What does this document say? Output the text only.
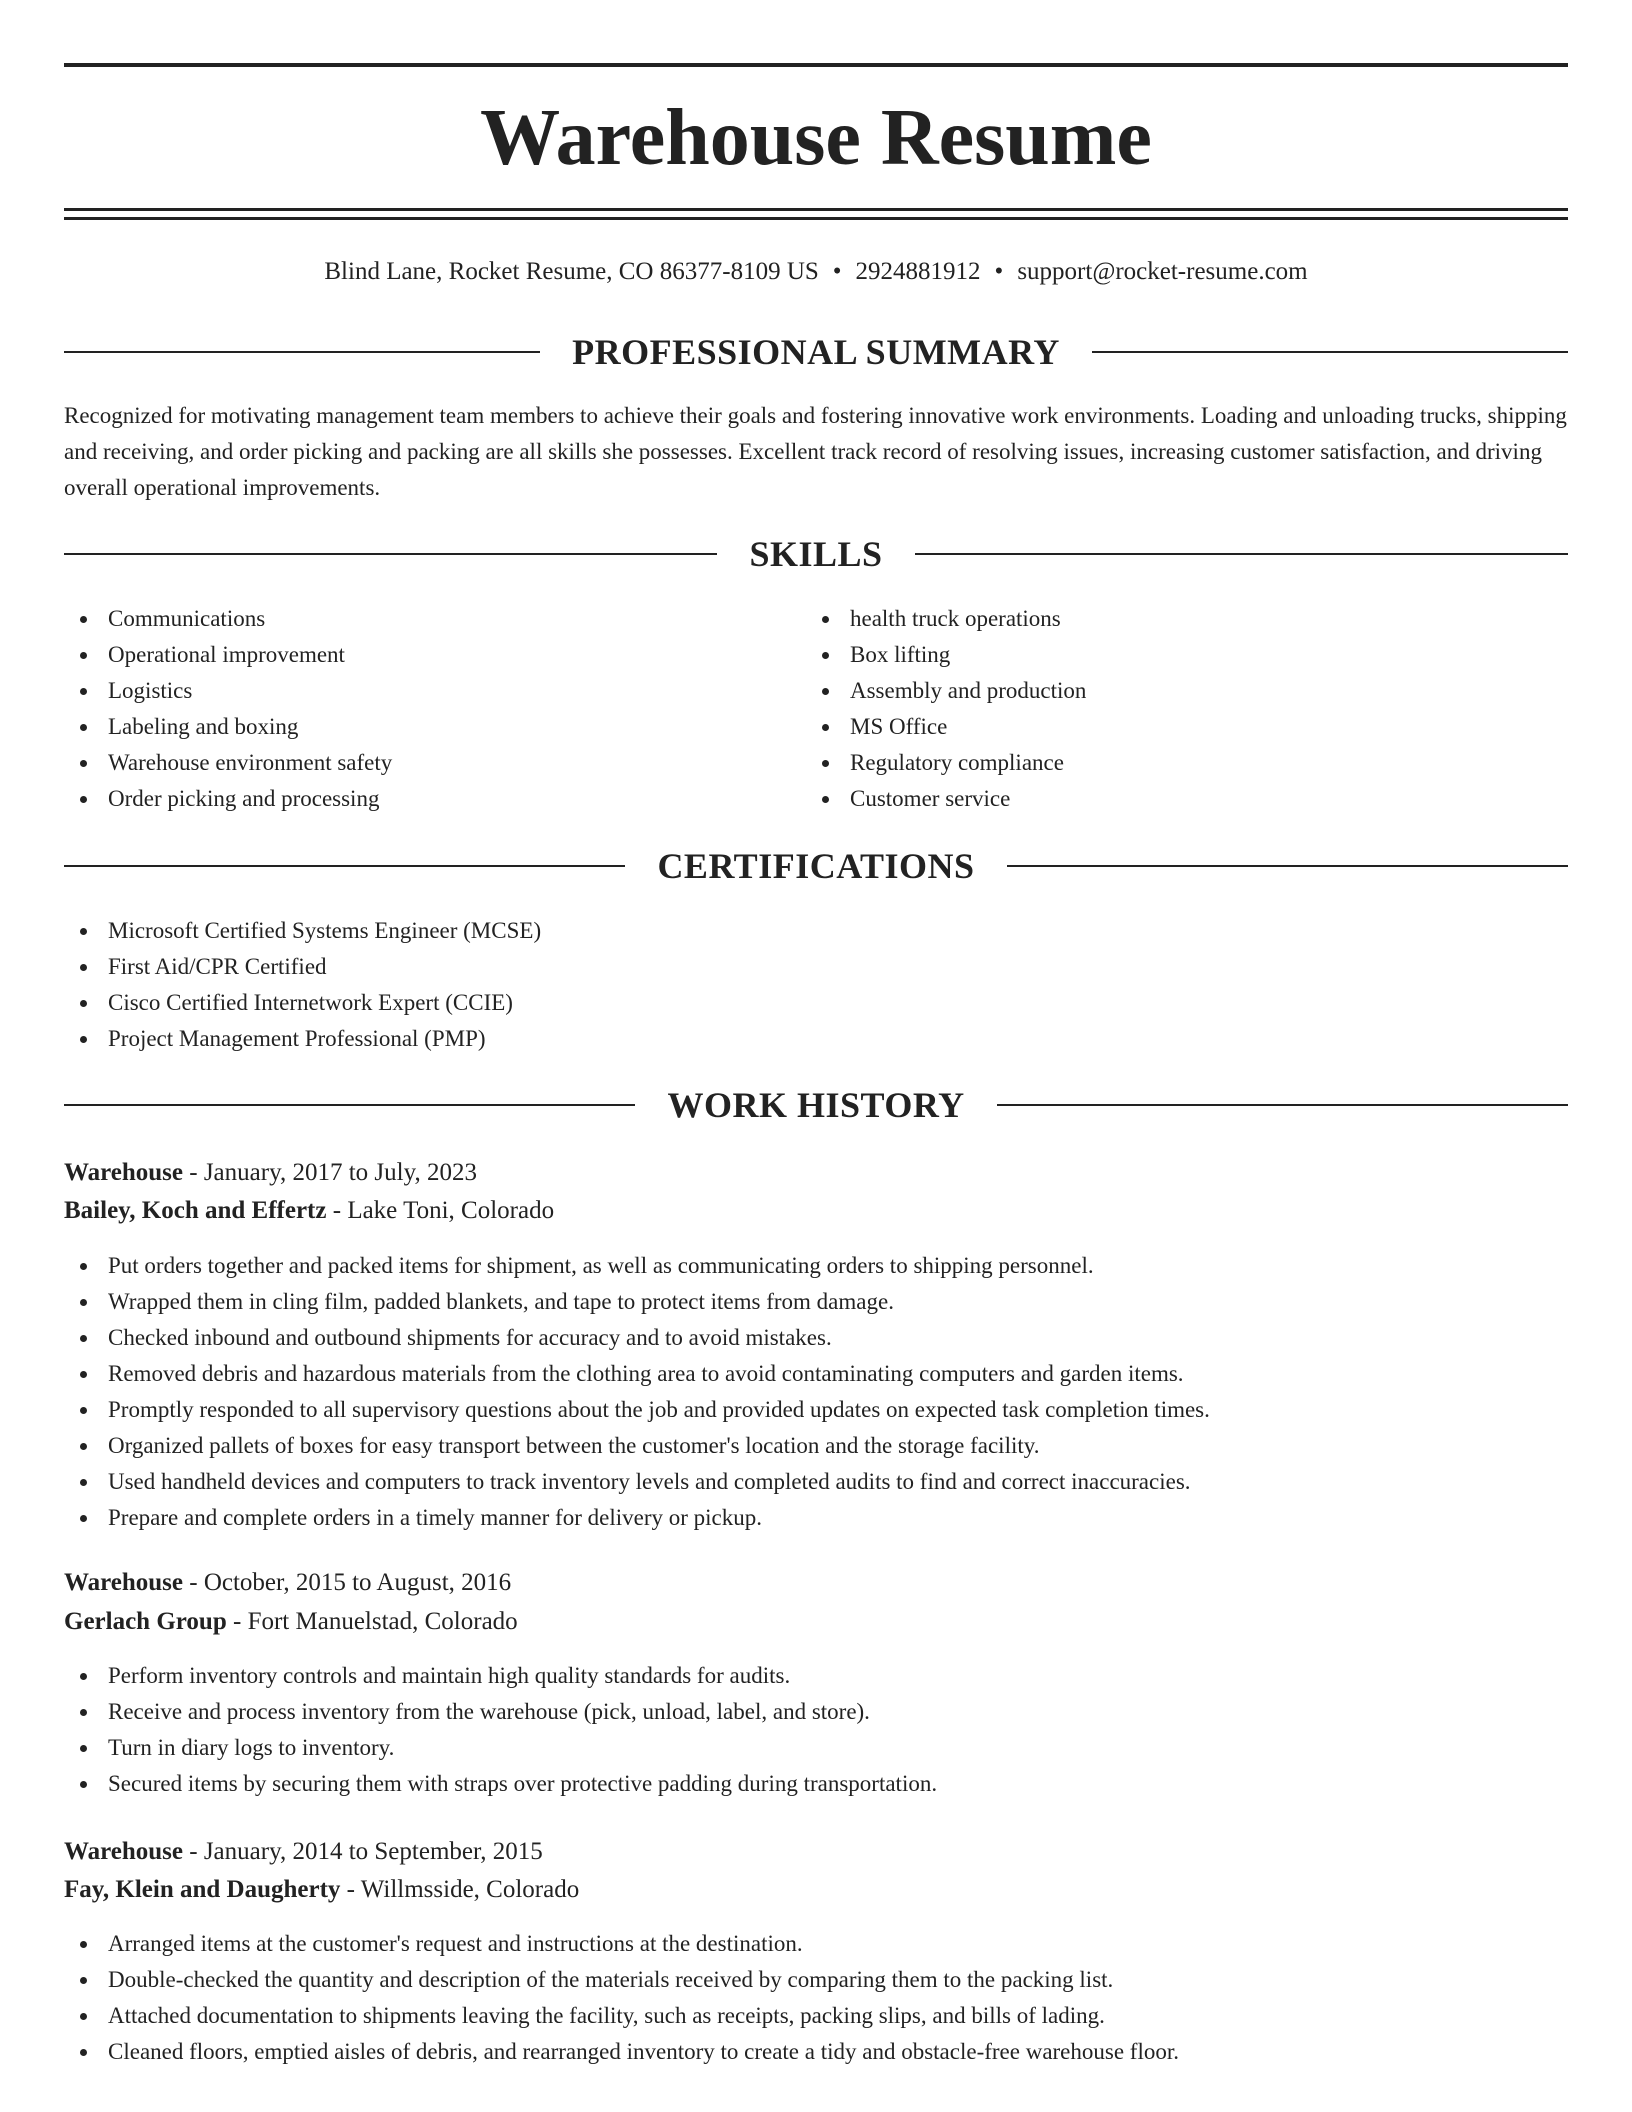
Warehouse Resume
Blind Lane, Rocket Resume, CO 86377-8109 US • 2924881912 • support@rocket-resume.com
PROFESSIONAL SUMMARY

Recognized for motivating management team members to achieve their goals and fostering innovative work environments. Loading and unloading trucks, shipping and receiving, and order picking and packing are all skills she possesses. Excellent track record of resolving issues, increasing customer satisfaction, and driving overall operational improvements.

SKILLS
Communications
Operational improvement
Logistics
Labeling and boxing
Warehouse environment safety
Order picking and processing
health truck operations
Box lifting
Assembly and production
MS Office
Regulatory compliance
Customer service
CERTIFICATIONS
Microsoft Certified Systems Engineer (MCSE)
First Aid/CPR Certified
Cisco Certified Internetwork Expert (CCIE)
Project Management Professional (PMP)
WORK HISTORY
Warehouse - January, 2017 to July, 2023
Bailey, Koch and Effertz - Lake Toni, Colorado
Put orders together and packed items for shipment, as well as communicating orders to shipping personnel.
Wrapped them in cling film, padded blankets, and tape to protect items from damage.
Checked inbound and outbound shipments for accuracy and to avoid mistakes.
Removed debris and hazardous materials from the clothing area to avoid contaminating computers and garden items.
Promptly responded to all supervisory questions about the job and provided updates on expected task completion times.
Organized pallets of boxes for easy transport between the customer's location and the storage facility.
Used handheld devices and computers to track inventory levels and completed audits to find and correct inaccuracies.
Prepare and complete orders in a timely manner for delivery or pickup.
Warehouse - October, 2015 to August, 2016
Gerlach Group - Fort Manuelstad, Colorado
Perform inventory controls and maintain high quality standards for audits.
Receive and process inventory from the warehouse (pick, unload, label, and store).
Turn in diary logs to inventory.
Secured items by securing them with straps over protective padding during transportation.
Warehouse - January, 2014 to September, 2015
Fay, Klein and Daugherty - Willmsside, Colorado
Arranged items at the customer's request and instructions at the destination.
Double-checked the quantity and description of the materials received by comparing them to the packing list.
Attached documentation to shipments leaving the facility, such as receipts, packing slips, and bills of lading.
Cleaned floors, emptied aisles of debris, and rearranged inventory to create a tidy and obstacle-free warehouse floor.
